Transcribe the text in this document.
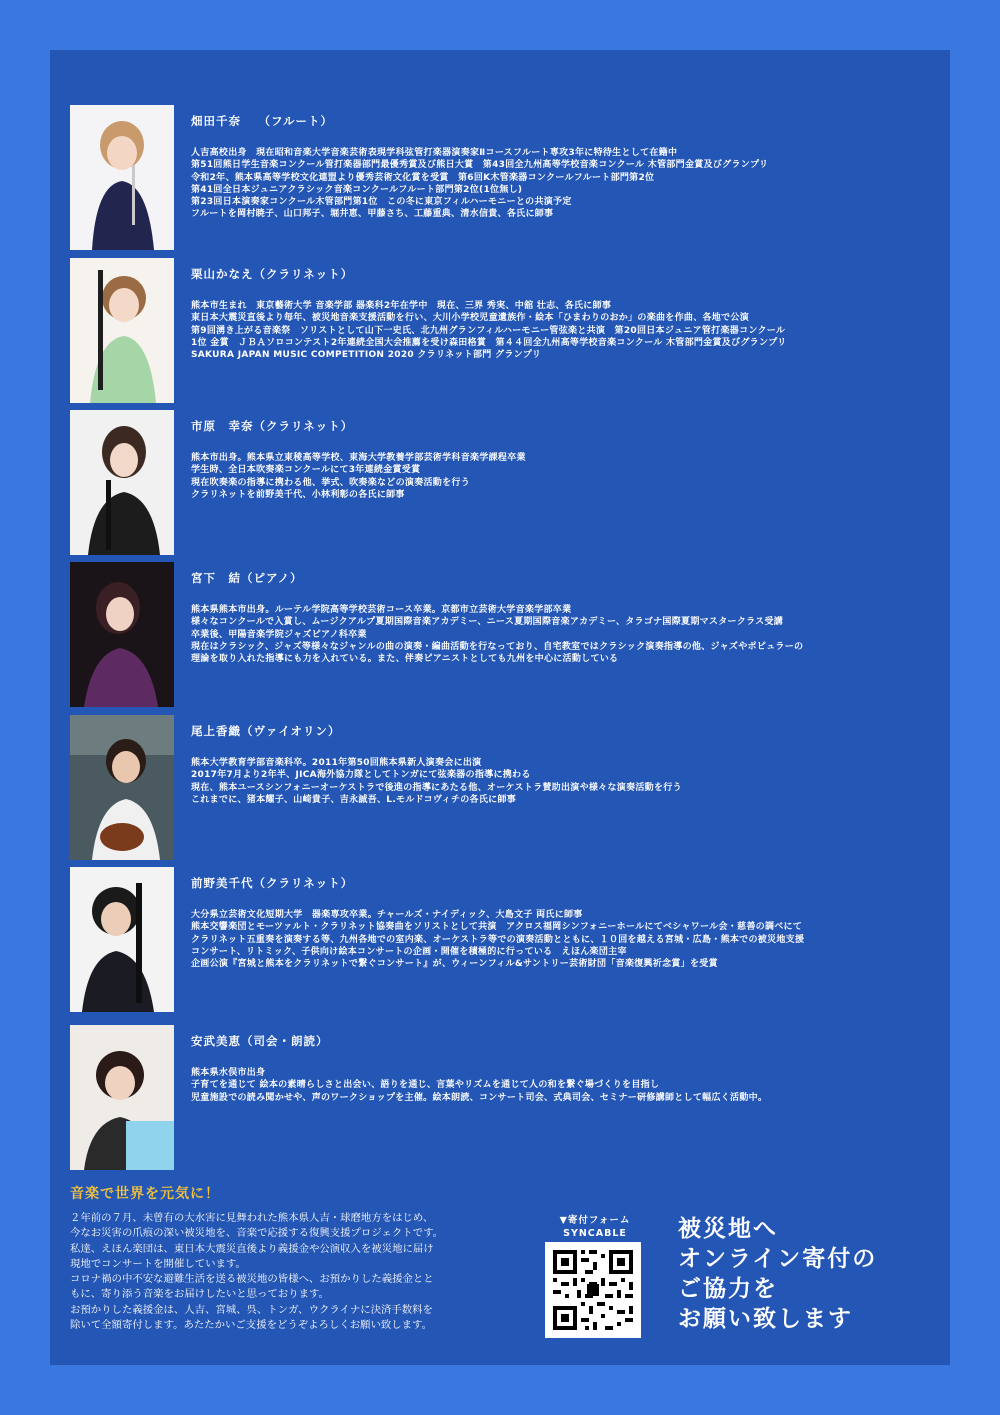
畑田千奈　 （フルート）
人吉高校出身　現在昭和音楽大学音楽芸術表現学科弦管打楽器演奏家Ⅱコースフルート専攻3年に特待生として在籍中
第51回熊日学生音楽コンクール管打楽器部門最優秀賞及び熊日大賞　第43回全九州高等学校音楽コンクール 木管部門金賞及びグランプリ
令和2年、熊本県高等学校文化連盟より優秀芸術文化賞を受賞　第6回K木管楽器コンクールフルート部門第2位
第41回全日本ジュニアクラシック音楽コンクールフルート部門第2位(1位無し)
第23回日本演奏家コンクール木管部門第1位　この冬に東京フィルハーモニーとの共演予定
フルートを岡村暁子、山口邦子、堀井恵、甲藤さち、工藤重典、清水信貴、各氏に師事
栗山かなえ（クラリネット）
熊本市生まれ　東京藝術大学 音楽学部 器楽科2年在学中　現在、三界 秀実、中舘 壮志、各氏に師事
東日本大震災直後より毎年、被災地音楽支援活動を行い、大川小学校児童遺族作・絵本「ひまわりのおか」の楽曲を作曲、各地で公演
第9回湧き上がる音楽祭　ソリストとして山下一史氏、北九州グランフィルハーモニー管弦楽と共演　第20回日本ジュニア管打楽器コンクール
1位 金賞　ＪＢＡソロコンテスト2年連続全国大会推薦を受け森田格賞　第４４回全九州高等学校音楽コンクール 木管部門金賞及びグランプリ
SAKURA JAPAN MUSIC COMPETITION 2020 クラリネット部門 グランプリ
市原　幸奈（クラリネット）
熊本市出身。熊本県立東稜高等学校、東海大学教養学部芸術学科音楽学課程卒業
学生時、全日本吹奏楽コンクールにて3年連続金賞受賞
現在吹奏楽の指導に携わる他、挙式、吹奏楽などの演奏活動を行う
クラリネットを前野美千代、小林利彰の各氏に師事
宮下　結（ピアノ）
熊本県熊本市出身。ルーテル学院高等学校芸術コース卒業。京都市立芸術大学音楽学部卒業
様々なコンクールで入賞し、ムージクアルプ夏期国際音楽アカデミー、ニース夏期国際音楽アカデミー、タラゴナ国際夏期マスタークラス受講
卒業後、甲陽音楽学院ジャズピアノ科卒業
現在はクラシック、ジャズ等様々なジャンルの曲の演奏・編曲活動を行なっており、自宅教室ではクラシック演奏指導の他、ジャズやポピュラーの
理論を取り入れた指導にも力を入れている。また、伴奏ピアニストとしても九州を中心に活動している
尾上香織（ヴァイオリン）
熊本大学教育学部音楽科卒。2011年第50回熊本県新人演奏会に出演
2017年7月より2年半、JICA海外協力隊としてトンガにて弦楽器の指導に携わる
現在、熊本ユースシンフォニーオーケストラで後進の指導にあたる他、オーケストラ賛助出演や様々な演奏活動を行う
これまでに、猪本耀子、山崎貴子、吉永誠吾、L.モルドコヴィチの各氏に師事
前野美千代（クラリネット）
大分県立芸術文化短期大学　器楽専攻卒業。チャールズ・ナイディック、大島文子 両氏に師事
熊本交響楽団とモーツァルト・クラリネット協奏曲をソリストとして共演　アクロス福岡シンフォニーホールにてベシャワール会・慈善の調べにて
クラリネット五重奏を演奏する等、九州各地での室内楽、オーケストラ等での演奏活動とともに、１０回を越える宮城・広島・熊本での被災地支援
コンサート、リトミック、子供向け絵本コンサートの企画・開催を積極的に行っている　えほん楽団主宰
企画公演『宮城と熊本をクラリネットで繋ぐコンサート』が、ウィーンフィル&サントリー芸術財団「音楽復興祈念賞」を受賞
安武美恵（司会・朗読）
熊本県水俣市出身
子育てを通じて 絵本の素晴らしさと出会い、語りを通じ、言葉やリズムを通じて人の和を繋ぐ場づくりを目指し
児童施設での読み聞かせや、声のワークショップを主催。絵本朗読、コンサート司会、式典司会、セミナー研修講師として幅広く活動中。
音楽で世界を元気に！
２年前の７月、未曾有の大水害に見舞われた熊本県人吉・球磨地方をはじめ、
今なお災害の爪痕の深い被災地を、音楽で応援する復興支援プロジェクトです。
私達、えほん楽団は、東日本大震災直後より義援金や公演収入を被災地に届け
現地でコンサートを開催しています。
コロナ禍の中不安な避難生活を送る被災地の皆様へ、お預かりした義援金とと
もに、寄り添う音楽をお届けしたいと思っております。
お預かりした義援金は、人吉、宮城、呉、トンガ、ウクライナに決済手数料を
除いて全額寄付します。あたたかいご支援をどうぞよろしくお願い致します。
▼寄付フォーム
SYNCABLE	被災地へ
オンライン寄付の
ご協力を
お願い致します
